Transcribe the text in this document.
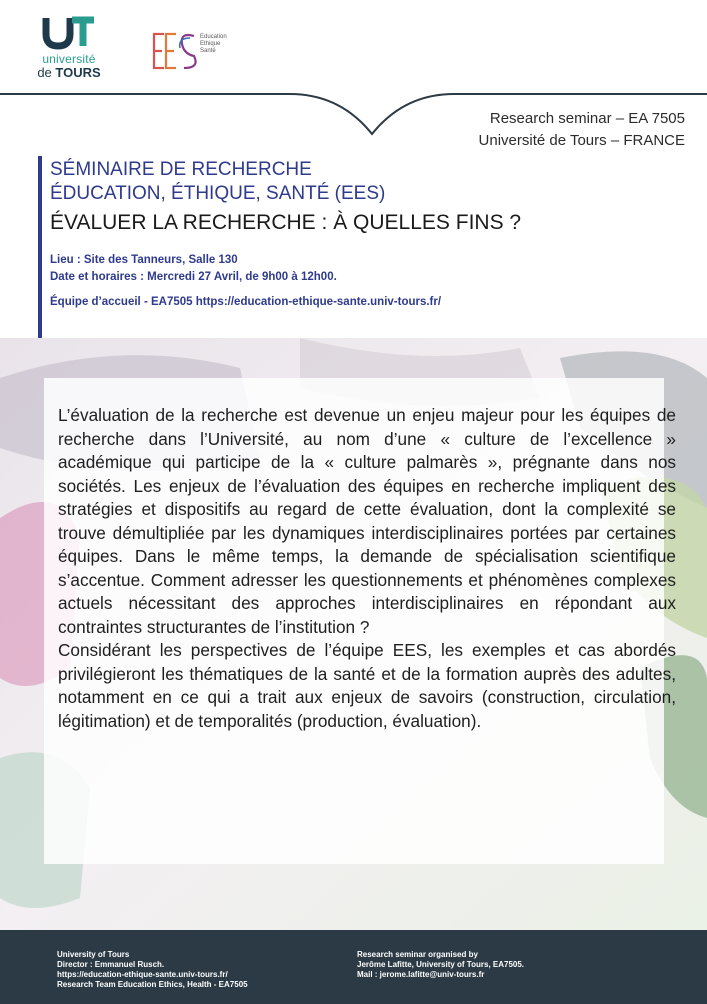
université
de TOURS
Education
Ethique
Santé
Research seminar – EA 7505
Université de Tours – FRANCE
SÉMINAIRE DE RECHERCHE
ÉDUCATION, ÉTHIQUE, SANTÉ (EES)
ÉVALUER LA RECHERCHE : À QUELLES FINS ?
Lieu : Site des Tanneurs, Salle 130
Date et horaires : Mercredi 27 Avril, de 9h00 à 12h00.
Équipe d’accueil - EA7505 https://education-ethique-sante.univ-tours.fr/

L’évaluation de la recherche est devenue un enjeu majeur pour les équipes de recherche dans l’Université, au nom d’une « culture de l’excellence » académique qui participe de la « culture palmarès », prégnante dans nos sociétés. Les enjeux de l’évaluation des équipes en recherche impliquent des stratégies et dispositifs au regard de cette évaluation, dont la complexité se trouve démultipliée par les dynamiques interdisciplinaires portées par certaines équipes. Dans le même temps, la demande de spécialisation scientifique s’accentue. Comment adresser les questionnements et phénomènes complexes actuels nécessitant des approches interdisciplinaires en répondant aux contraintes structurantes de l’institution ?

Considérant les perspectives de l’équipe EES, les exemples et cas abordés privilégieront les thématiques de la santé et de la formation auprès des adultes, notamment en ce qui a trait aux enjeux de savoirs (construction, circulation, légitimation) et de temporalités (production, évaluation).

University of Tours
Director : Emmanuel Rusch.
https://education-ethique-sante.univ-tours.fr/
Research Team Education Ethics, Health - EA7505
Research seminar organised by
Jerôme Lafitte, University of Tours, EA7505.
Mail : jerome.lafitte@univ-tours.fr
